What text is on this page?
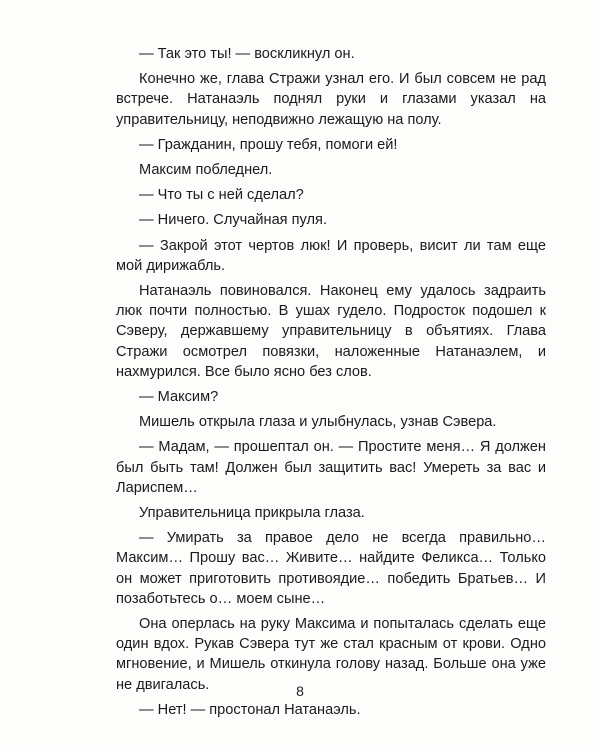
— Так это ты! — воскликнул он.

Конечно же, глава Стражи узнал его. И был совсем не рад встрече. Натанаэль поднял руки и глазами указал на управительницу, неподвижно лежащую на полу.

— Гражданин, прошу тебя, помоги ей!

Максим побледнел.

— Что ты с ней сделал?

— Ничего. Случайная пуля.

— Закрой этот чертов люк! И проверь, висит ли там еще мой дирижабль.

Натанаэль повиновался. Наконец ему удалось задраить люк почти полностью. В ушах гудело. Подросток подошел к Сэверу, державшему управительницу в объятиях. Глава Стражи осмотрел повязки, наложенные Натанаэлем, и нахмурился. Все было ясно без слов.

— Максим?

Мишель открыла глаза и улыбнулась, узнав Сэвера.

— Мадам, — прошептал он. — Простите меня… Я должен был быть там! Должен был защитить вас! Умереть за вас и Лариспем…

Управительница прикрыла глаза.

— Умирать за правое дело не всегда правильно… Максим… Прошу вас… Живите… найдите Феликса… Только он может приготовить противоядие… победить Братьев… И позаботьтесь о… моем сыне…

Она оперлась на руку Максима и попыталась сделать еще один вдох. Рукав Сэвера тут же стал красным от крови. Одно мгновение, и Мишель откинула голову назад. Больше она уже не двигалась.

— Нет! — простонал Натанаэль.

8
